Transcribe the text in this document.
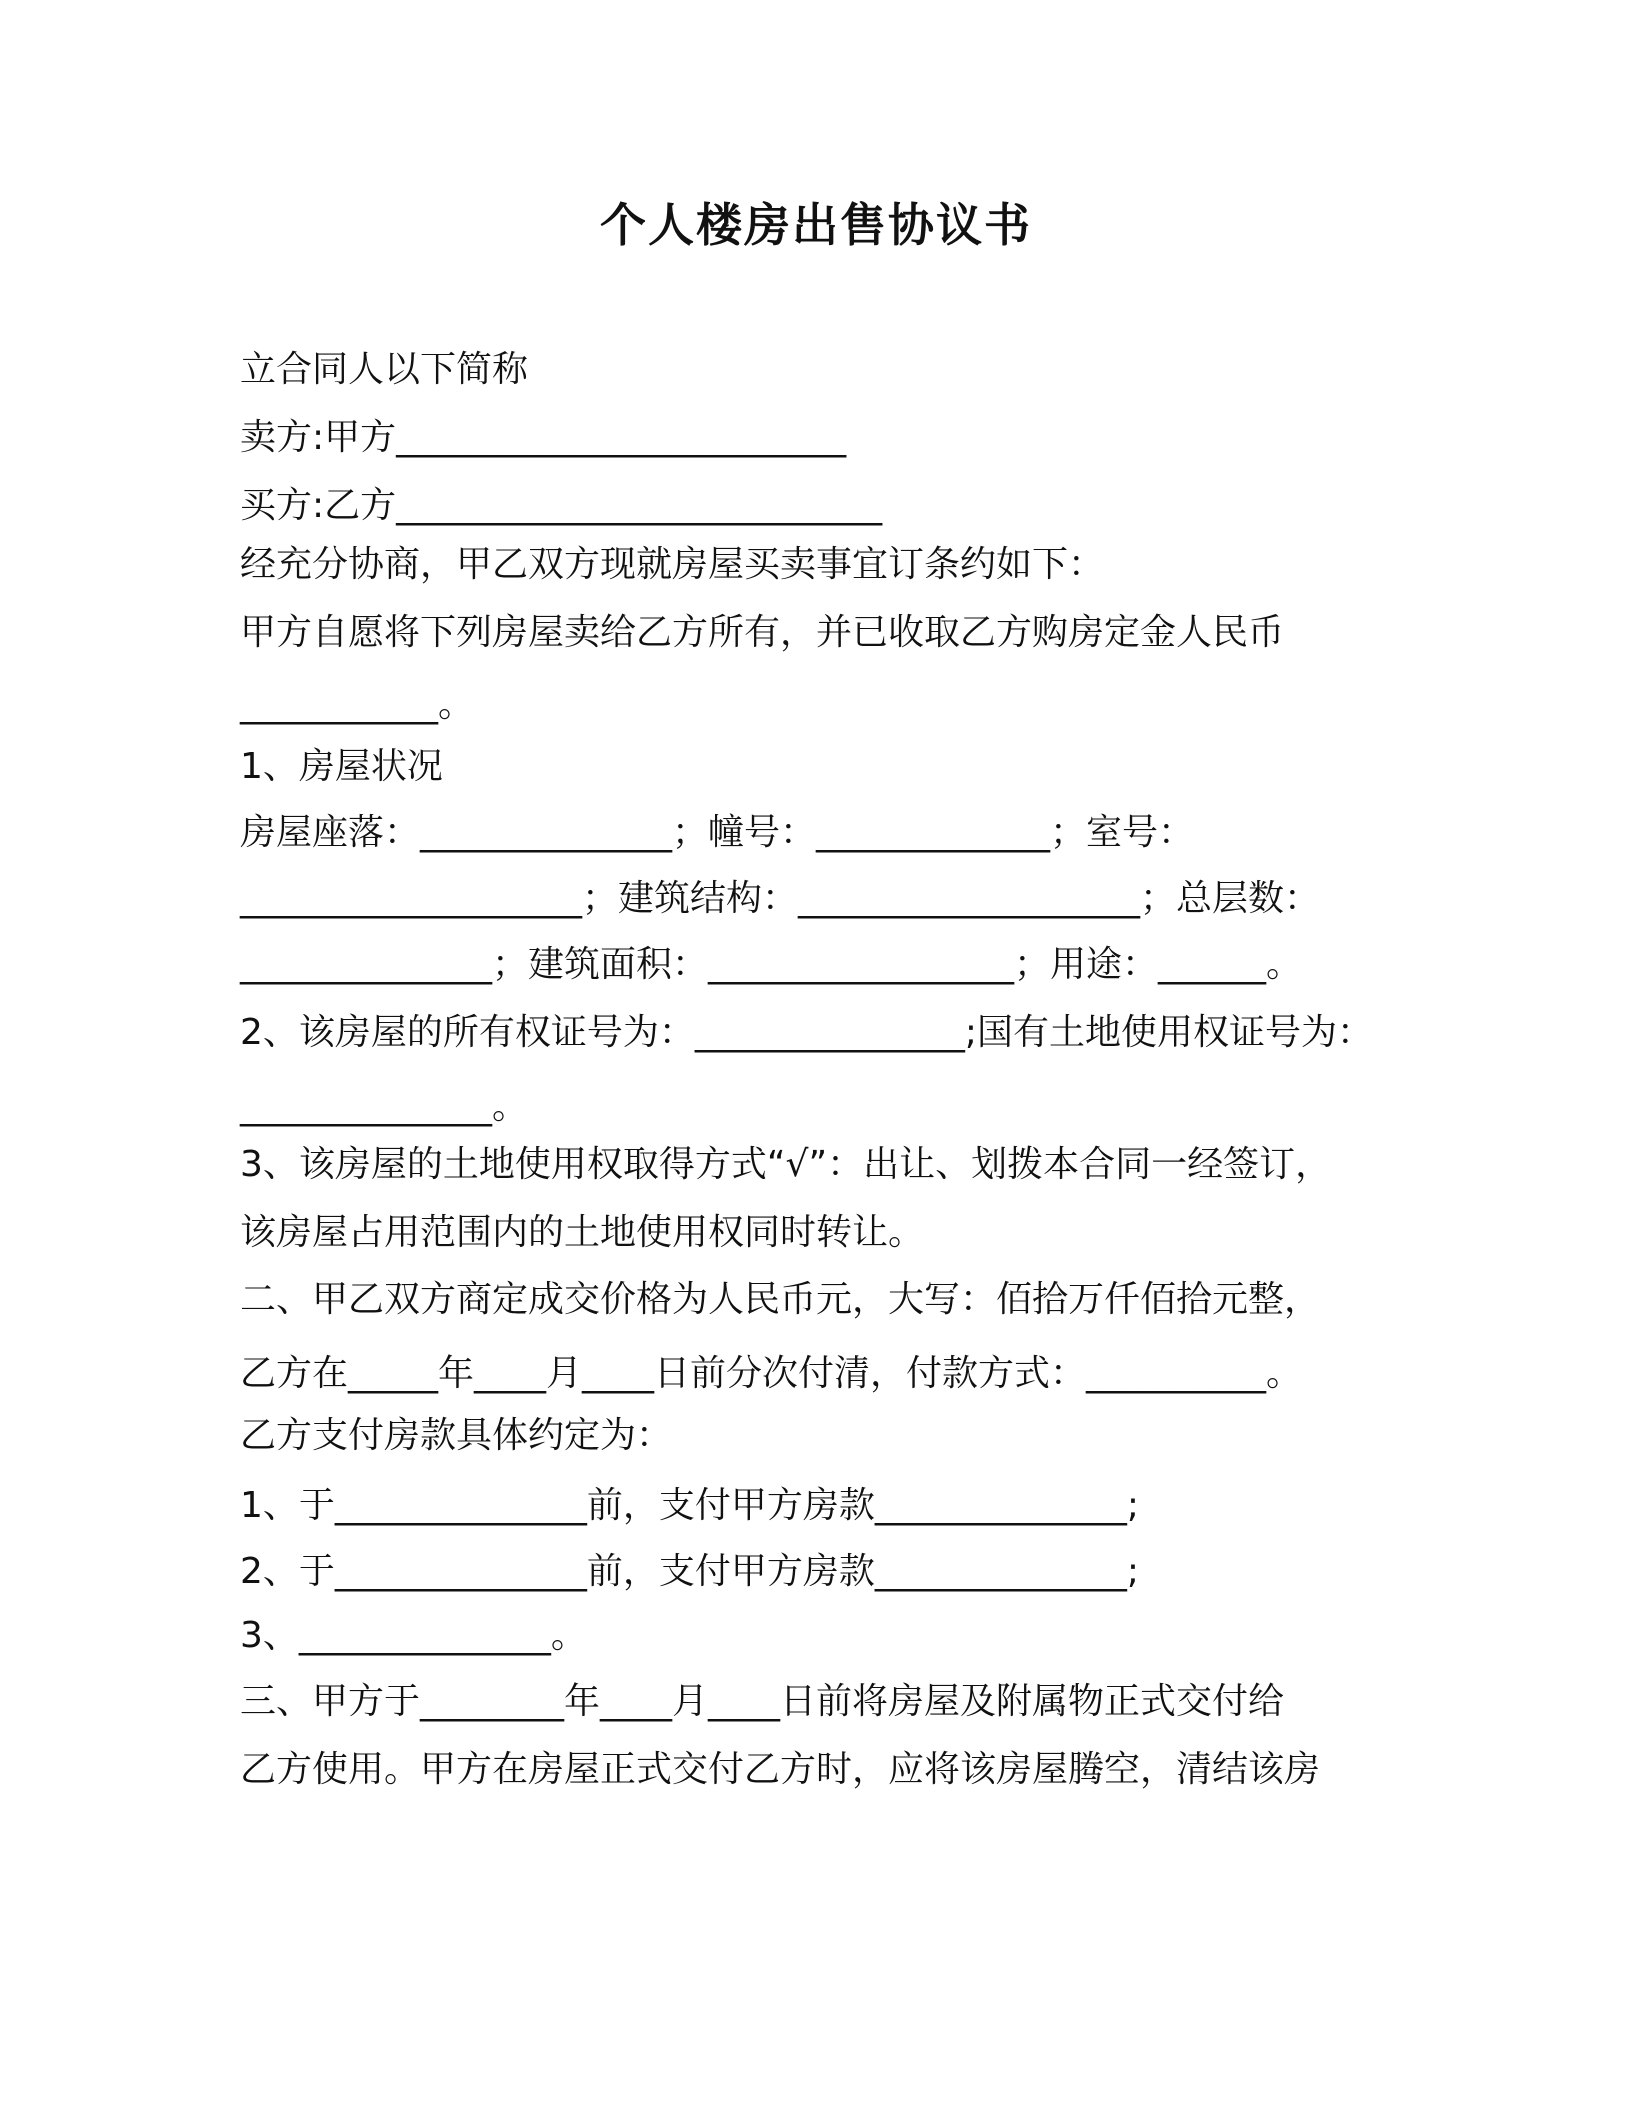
个人楼房出售协议书
立合同人以下简称
卖方:甲方_________________________
买方:乙方___________________________
经充分协商，甲乙双方现就房屋买卖事宜订条约如下：
甲方自愿将下列房屋卖给乙方所有，并已收取乙方购房定金人民币
___________。
1、房屋状况
房屋座落：______________；幢号：_____________；室号：
___________________；建筑结构：___________________；总层数：
______________；建筑面积：_________________；用途：______。
2、该房屋的所有权证号为：_______________;国有土地使用权证号为：
______________。
3、该房屋的土地使用权取得方式“√”：出让、划拨本合同一经签订，
该房屋占用范围内的土地使用权同时转让。
二、甲乙双方商定成交价格为人民币元，大写：佰拾万仟佰拾元整，
乙方在_____年____月____日前分次付清，付款方式：__________。
乙方支付房款具体约定为：
1、于______________前，支付甲方房款______________;
2、于______________前，支付甲方房款______________;
3、______________。
三、甲方于________年____月____日前将房屋及附属物正式交付给
乙方使用。甲方在房屋正式交付乙方时，应将该房屋腾空，清结该房
